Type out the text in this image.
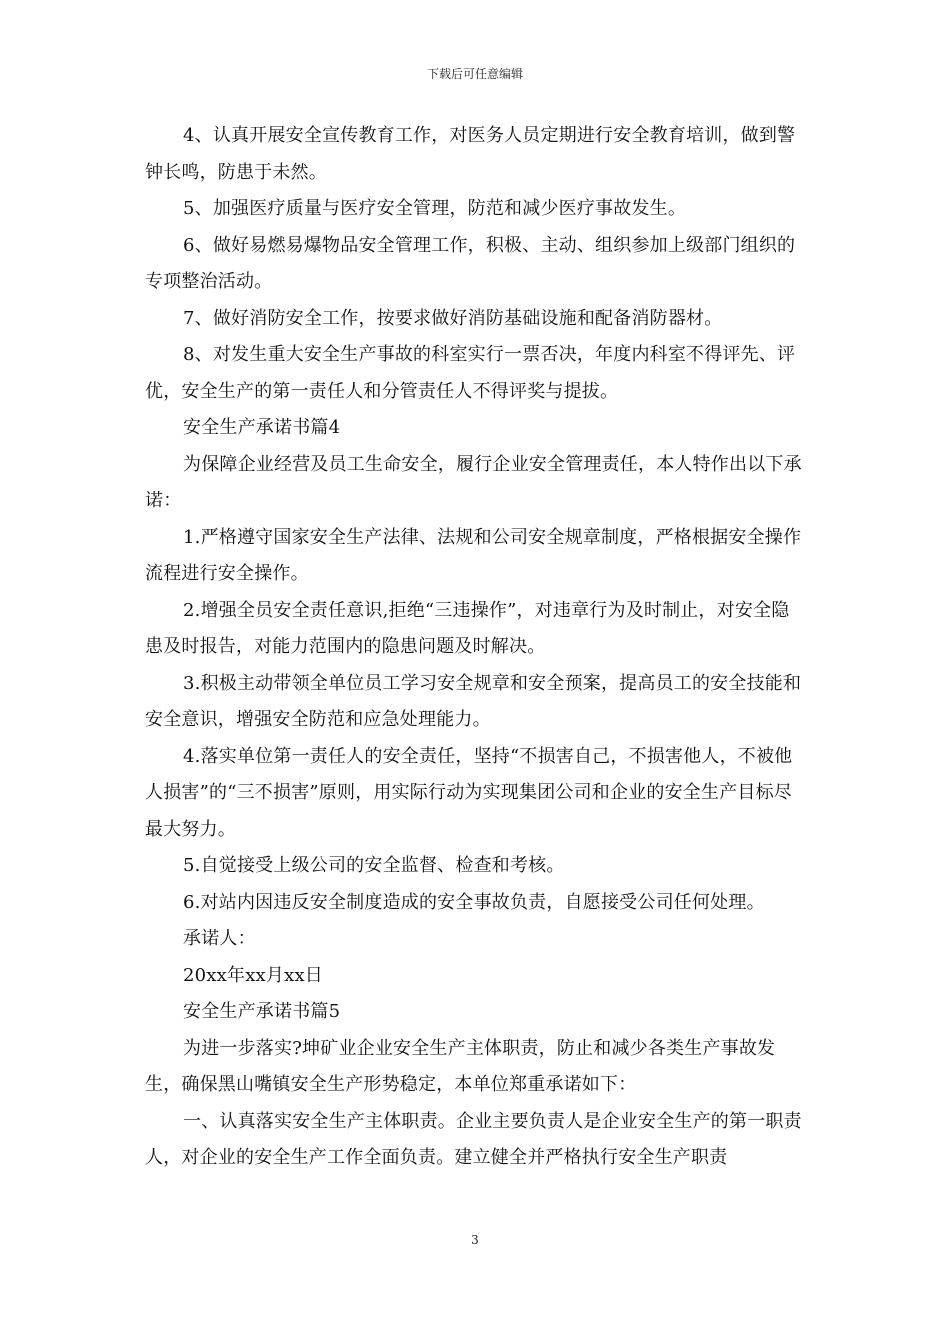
下载后可任意编辑

4、认真开展安全宣传教育工作，对医务人员定期进行安全教育培训，做到警钟长鸣，防患于未然。

5、加强医疗质量与医疗安全管理，防范和减少医疗事故发生。

6、做好易燃易爆物品安全管理工作，积极、主动、组织参加上级部门组织的专项整治活动。

7、做好消防安全工作，按要求做好消防基础设施和配备消防器材。

8、对发生重大安全生产事故的科室实行一票否决，年度内科室不得评先、评优，安全生产的第一责任人和分管责任人不得评奖与提拔。

安全生产承诺书篇4

为保障企业经营及员工生命安全，履行企业安全管理责任，本人特作出以下承诺：

1.严格遵守国家安全生产法律、法规和公司安全规章制度，严格根据安全操作流程进行安全操作。

2.增强全员安全责任意识,拒绝“三违操作”，对违章行为及时制止，对安全隐患及时报告，对能力范围内的隐患问题及时解决。

3.积极主动带领全单位员工学习安全规章和安全预案，提高员工的安全技能和安全意识，增强安全防范和应急处理能力。

4.落实单位第一责任人的安全责任，坚持“不损害自己，不损害他人，不被他人损害”的“三不损害”原则，用实际行动为实现集团公司和企业的安全生产目标尽最大努力。

5.自觉接受上级公司的安全监督、检查和考核。

6.对站内因违反安全制度造成的安全事故负责，自愿接受公司任何处理。

承诺人：

20xx年xx月xx日

安全生产承诺书篇5

为进一步落实?坤矿业企业安全生产主体职责，防止和减少各类生产事故发生，确保黑山嘴镇安全生产形势稳定，本单位郑重承诺如下：

一、认真落实安全生产主体职责。企业主要负责人是企业安全生产的第一职责人，对企业的安全生产工作全面负责。建立健全并严格执行安全生产职责

3
